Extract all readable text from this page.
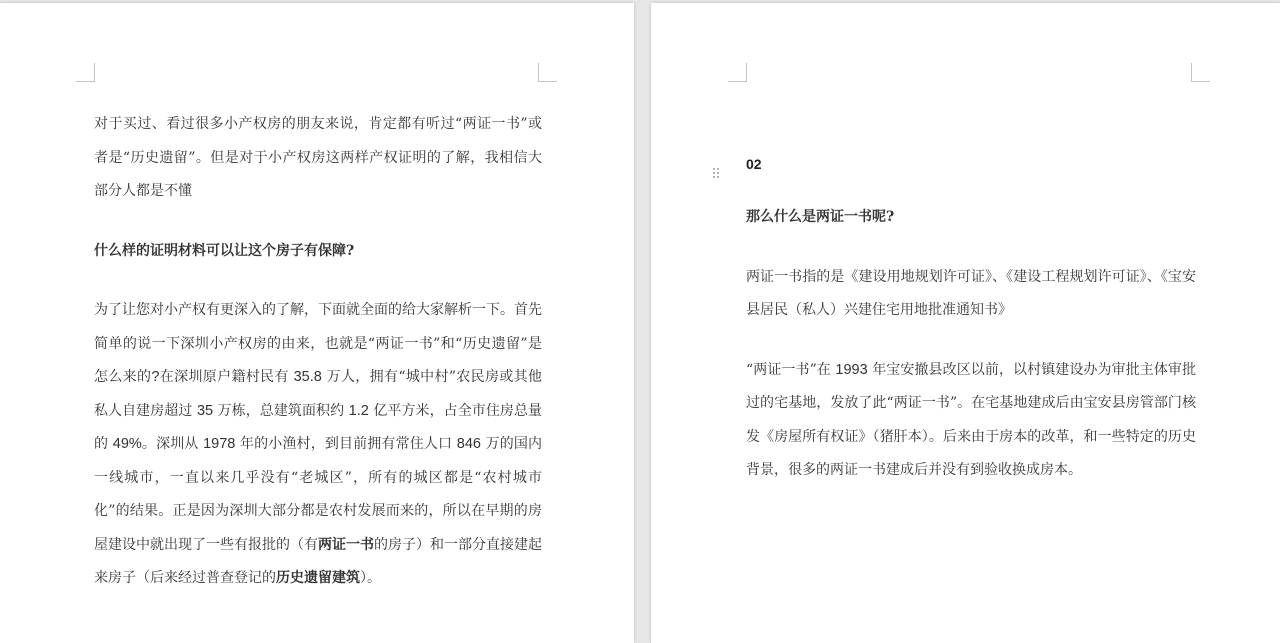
对于买过、看过很多小产权房的朋友来说，肯定都有听过“两证一书”或者是“历史遗留”。但是对于小产权房这两样产权证明的了解，我相信大部分人都是不懂

什么样的证明材料可以让这个房子有保障?

为了让您对小产权有更深入的了解，下面就全面的给大家解析一下。首先简单的说一下深圳小产权房的由来，也就是“两证一书”和“历史遗留”是怎么来的?在深圳原户籍村民有 35.8 万人，拥有“城中村”农民房或其他私人自建房超过 35 万栋，总建筑面积约 1.2 亿平方米，占全市住房总量的 49%。深圳从 1978 年的小渔村，到目前拥有常住人口 846 万的国内一线城市，一直以来几乎没有“老城区”，所有的城区都是“农村城市化”的结果。正是因为深圳大部分都是农村发展而来的，所以在早期的房屋建设中就出现了一些有报批的（有两证一书的房子）和一部分直接建起来房子（后来经过普查登记的历史遗留建筑）。

02

那么什么是两证一书呢?

两证一书指的是《建设用地规划许可证》、《建设工程规划许可证》、《宝安县居民（私人）兴建住宅用地批准通知书》

“两证一书”在 1993 年宝安撤县改区以前，以村镇建设办为审批主体审批过的宅基地，发放了此“两证一书”。在宅基地建成后由宝安县房管部门核发《房屋所有权证》（猪肝本）。后来由于房本的改革，和一些特定的历史背景，很多的两证一书建成后并没有到验收换成房本。
